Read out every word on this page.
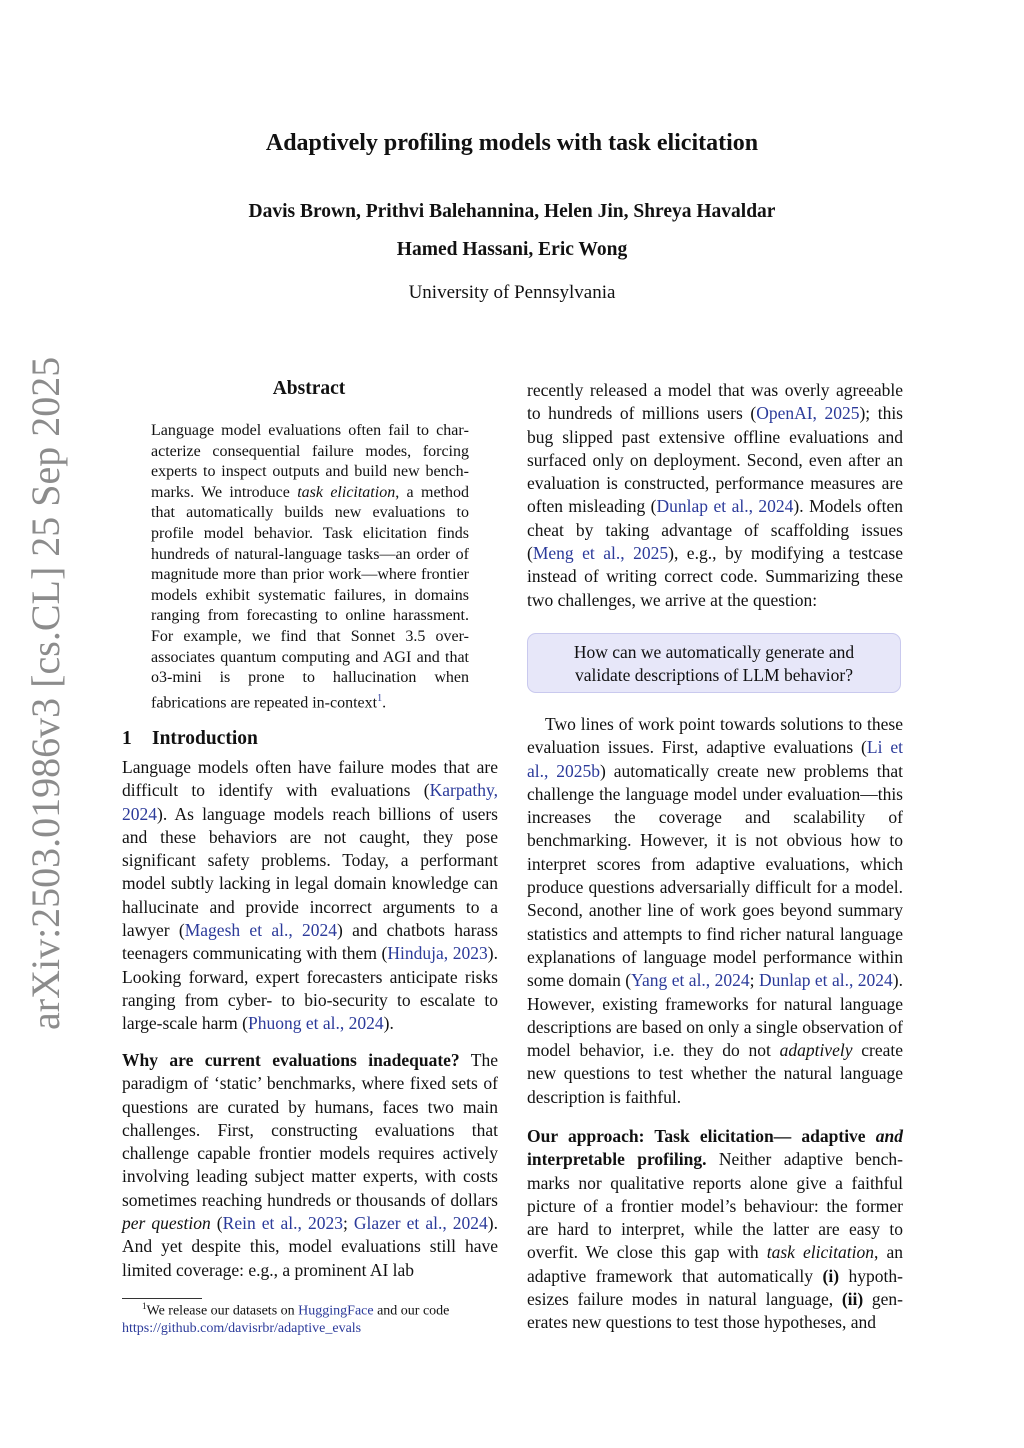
Adaptively profiling models with task elicitation
Davis Brown, Prithvi Balehannina, Helen Jin, Shreya Havaldar
Hamed Hassani, Eric Wong
University of Pennsylvania
arXiv:2503.01986v3 [cs.CL] 25 Sep 2025	Abstract
Language model evaluations often fail to characterize consequential failure modes, forcing experts to inspect outputs and build new benchmarks. We introduce task elicitation, a method that automatically builds new evaluations to profile model behavior. Task elicitation finds hundreds of natural-language tasks—an order of magnitude more than prior work—where frontier models exhibit systematic failures, in domains ranging from forecasting to online harassment. For example, we find that Sonnet 3.5 over-associates quantum computing and AGI and that o3-mini is prone to hallucination when fabrications are repeated in-context$^1$.
1 Introduction

Language models often have failure modes that are difficult to identify with evaluations (Karpathy, 2024). As language models reach billions of users and these behaviors are not caught, they pose significant safety problems. Today, a performant model subtly lacking in legal domain knowledge can hallucinate and provide incorrect arguments to a lawyer (Magesh et al., 2024) and chatbots harass teenagers communicating with them (Hinduja, 2023). Looking forward, expert forecasters anticipate risks ranging from cyber- to bio-security to escalate to large-scale harm (Phuong et al., 2024).

Why are current evaluations inadequate? The paradigm of ‘static’ benchmarks, where fixed sets of questions are curated by humans, faces two main challenges. First, constructing evaluations that challenge capable frontier models requires actively involving leading subject matter experts, with costs sometimes reaching hundreds or thousands of dollars per question (Rein et al., 2023; Glazer et al., 2024). And yet despite this, model evaluations still have limited coverage: e.g., a prominent AI lab

$^1$We release our datasets on HuggingFace and our code https://github.com/davisrbr/adaptive_evals

recently released a model that was overly agreeable to hundreds of millions users (OpenAI, 2025); this bug slipped past extensive offline evaluations and surfaced only on deployment. Second, even after an evaluation is constructed, performance measures are often misleading (Dunlap et al., 2024). Models often cheat by taking advantage of scaffolding issues (Meng et al., 2025), e.g., by modifying a testcase instead of writing correct code. Summarizing these two challenges, we arrive at the question:

How can we automatically generate and
validate descriptions of LLM behavior?

Two lines of work point towards solutions to these evaluation issues. First, adaptive evaluations (Li et al., 2025b) automatically create new problems that challenge the language model under evaluation—this increases the coverage and scalability of benchmarking. However, it is not obvious how to interpret scores from adaptive evaluations, which produce questions adversarially difficult for a model. Second, another line of work goes beyond summary statistics and attempts to find richer natural language explanations of language model performance within some domain (Yang et al., 2024; Dunlap et al., 2024). However, existing frameworks for natural language descriptions are based on only a single observation of model behavior, i.e. they do not adaptively create new questions to test whether the natural language description is faithful.

Our approach: Task elicitation— adaptive and interpretable profiling. Neither adaptive benchmarks nor qualitative reports alone give a faithful picture of a frontier model’s behaviour: the former are hard to interpret, while the latter are easy to overfit. We close this gap with task elicitation, an adaptive framework that automatically (i) hypothesizes failure modes in natural language, (ii) generates new questions to test those hypotheses, and
